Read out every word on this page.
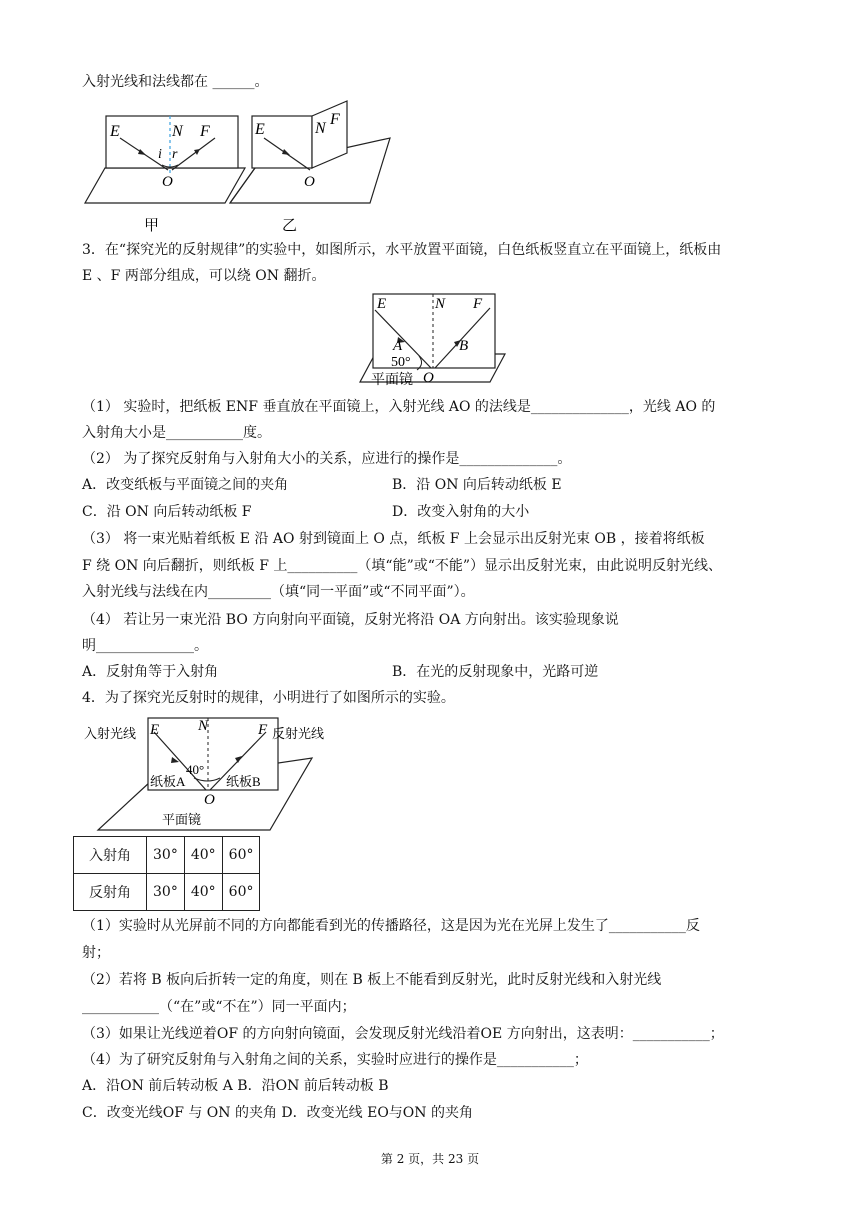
入射光线和法线都在 ______。
E	N F
i r
O
甲
E	N
F
O
乙
3．在“探究光的反射规律”的实验中，如图所示，水平放置平面镜，白色纸板竖直立在平面镜上，纸板由
E 、F 两部分组成，可以绕 ON 翻折。
E	N F
A	B
50°
O
平面镜
（1） 实验时，把纸板 ENF 垂直放在平面镜上，入射光线 AO 的法线是______________，光线 AO 的
入射角大小是___________度。
（2） 为了探究反射角与入射角大小的关系，应进行的操作是______________。
A．改变纸板与平面镜之间的夹角	B．沿 ON 向后转动纸板 E
C．沿 ON 向后转动纸板 F	D．改变入射角的大小
（3） 将一束光贴着纸板 E 沿 AO 射到镜面上 O 点，纸板 F 上会显示出反射光束 OB ，接着将纸板
F 绕 ON 向后翻折，则纸板 F 上__________（填“能”或“不能”）显示出反射光束，由此说明反射光线、
入射光线与法线在内_________（填“同一平面”或“不同平面”）。
（4） 若让另一束光沿 BO 方向射向平面镜，反射光将沿 OA 方向射出。该实验现象说
明______________。
A．反射角等于入射角	B．在光的反射现象中，光路可逆
4．为了探究光反射时的规律，小明进行了如图所示的实验。
入射光线	反射光线
E	N	F
40°
纸板A	纸板B
O
平面镜
入射角	30°	40°	60°
反射角	30°	40°	60°
（1）实验时从光屏前不同的方向都能看到光的传播路径，这是因为光在光屏上发生了___________反
射；
（2）若将 B 板向后折转一定的角度，则在 B 板上不能看到反射光，此时反射光线和入射光线
___________（“在”或“不在”）同一平面内；
（3）如果让光线逆着OF 的方向射向镜面，会发现反射光线沿着OE 方向射出，这表明：___________；
（4）为了研究反射角与入射角之间的关系，实验时应进行的操作是___________；
A．沿ON 前后转动板 A B．沿ON 前后转动板 B
C．改变光线OF 与 ON 的夹角 D．改变光线 EO与ON 的夹角
第 2 页，共 23 页
